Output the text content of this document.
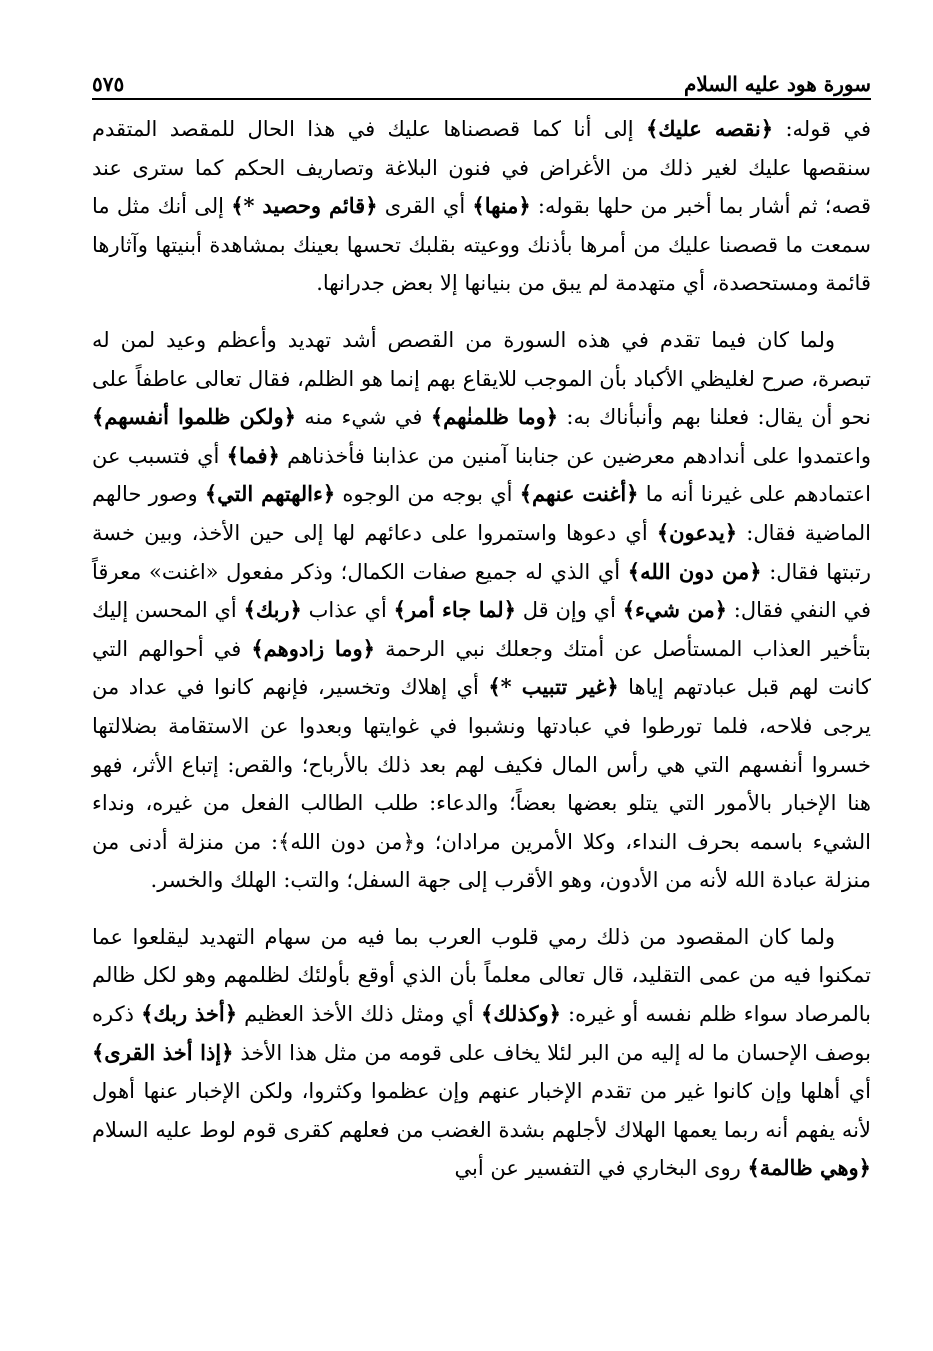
سورة هود عليه السلام
٥٧٥

في قوله: ﴿نقصه عليك﴾ إلى أنا كما قصصناها عليك في هذا الحال للمقصد المتقدم سنقصها عليك لغير ذلك من الأغراض في فنون البلاغة وتصاريف الحكم كما سترى عند قصه؛ ثم أشار بما أخبر من حلها بقوله: ﴿منها﴾ أي القرى ﴿قائم وحصيد *﴾ إلى أنك مثل ما سمعت ما قصصنا عليك من أمرها بأذنك ووعيته بقلبك تحسها بعينك بمشاهدة أبنيتها وآثارها قائمة ومستحصدة، أي متهدمة لم يبق من بنيانها إلا بعض جدرانها.

ولما كان فيما تقدم في هذه السورة من القصص أشد تهديد وأعظم وعيد لمن له تبصرة، صرح لغليظي الأكباد بأن الموجب للايقاع بهم إنما هو الظلم، فقال تعالى عاطفاً على نحو أن يقال: فعلنا بهم وأنبأناك به: ﴿وما ظلمنٰهم﴾ في شيء منه ﴿ولكن ظلموا أنفسهم﴾ واعتمدوا على أندادهم معرضين عن جنابنا آمنين من عذابنا فأخذناهم ﴿فما﴾ أي فتسبب عن اعتمادهم على غيرنا أنه ما ﴿أغنت عنهم﴾ أي بوجه من الوجوه ﴿ءالهتهم التي﴾ وصور حالهم الماضية فقال: ﴿يدعون﴾ أي دعوها واستمروا على دعائهم لها إلى حين الأخذ، وبين خسة رتبتها فقال: ﴿من دون الله﴾ أي الذي له جميع صفات الكمال؛ وذكر مفعول «اغنت» معرقاً في النفي فقال: ﴿من شيء﴾ أي وإن قل ﴿لما جاء أمر﴾ أي عذاب ﴿ربك﴾ أي المحسن إليك بتأخير العذاب المستأصل عن أمتك وجعلك نبي الرحمة ﴿وما زادوهم﴾ في أحوالهم التي كانت لهم قبل عبادتهم إياها ﴿غير تتبيب *﴾ أي إهلاك وتخسير، فإنهم كانوا في عداد من يرجى فلاحه، فلما تورطوا في عبادتها ونشبوا في غوايتها وبعدوا عن الاستقامة بضلالتها خسروا أنفسهم التي هي رأس المال فكيف لهم بعد ذلك بالأرباح؛ والقص: إتباع الأثر، فهو هنا الإخبار بالأمور التي يتلو بعضها بعضاً؛ والدعاء: طلب الطالب الفعل من غيره، ونداء الشيء باسمه بحرف النداء، وكلا الأمرين مرادان؛ و﴿من دون الله﴾: من منزلة أدنى من منزلة عبادة الله لأنه من الأدون، وهو الأقرب إلى جهة السفل؛ والتب: الهلك والخسر.

ولما كان المقصود من ذلك رمي قلوب العرب بما فيه من سهام التهديد ليقلعوا عما تمكنوا فيه من عمى التقليد، قال تعالى معلماً بأن الذي أوقع بأولئك لظلمهم وهو لكل ظالم بالمرصاد سواء ظلم نفسه أو غيره: ﴿وكذلك﴾ أي ومثل ذلك الأخذ العظيم ﴿أخذ ربك﴾ ذكره بوصف الإحسان ما له إليه من البر لئلا يخاف على قومه من مثل هذا الأخذ ﴿إذا أخذ القرى﴾ أي أهلها وإن كانوا غير من تقدم الإخبار عنهم وإن عظموا وكثروا، ولكن الإخبار عنها أهول لأنه يفهم أنه ربما يعمها الهلاك لأجلهم بشدة الغضب من فعلهم كقرى قوم لوط عليه السلام ﴿وهي ظالمة﴾ روى البخاري في التفسير عن أبي
